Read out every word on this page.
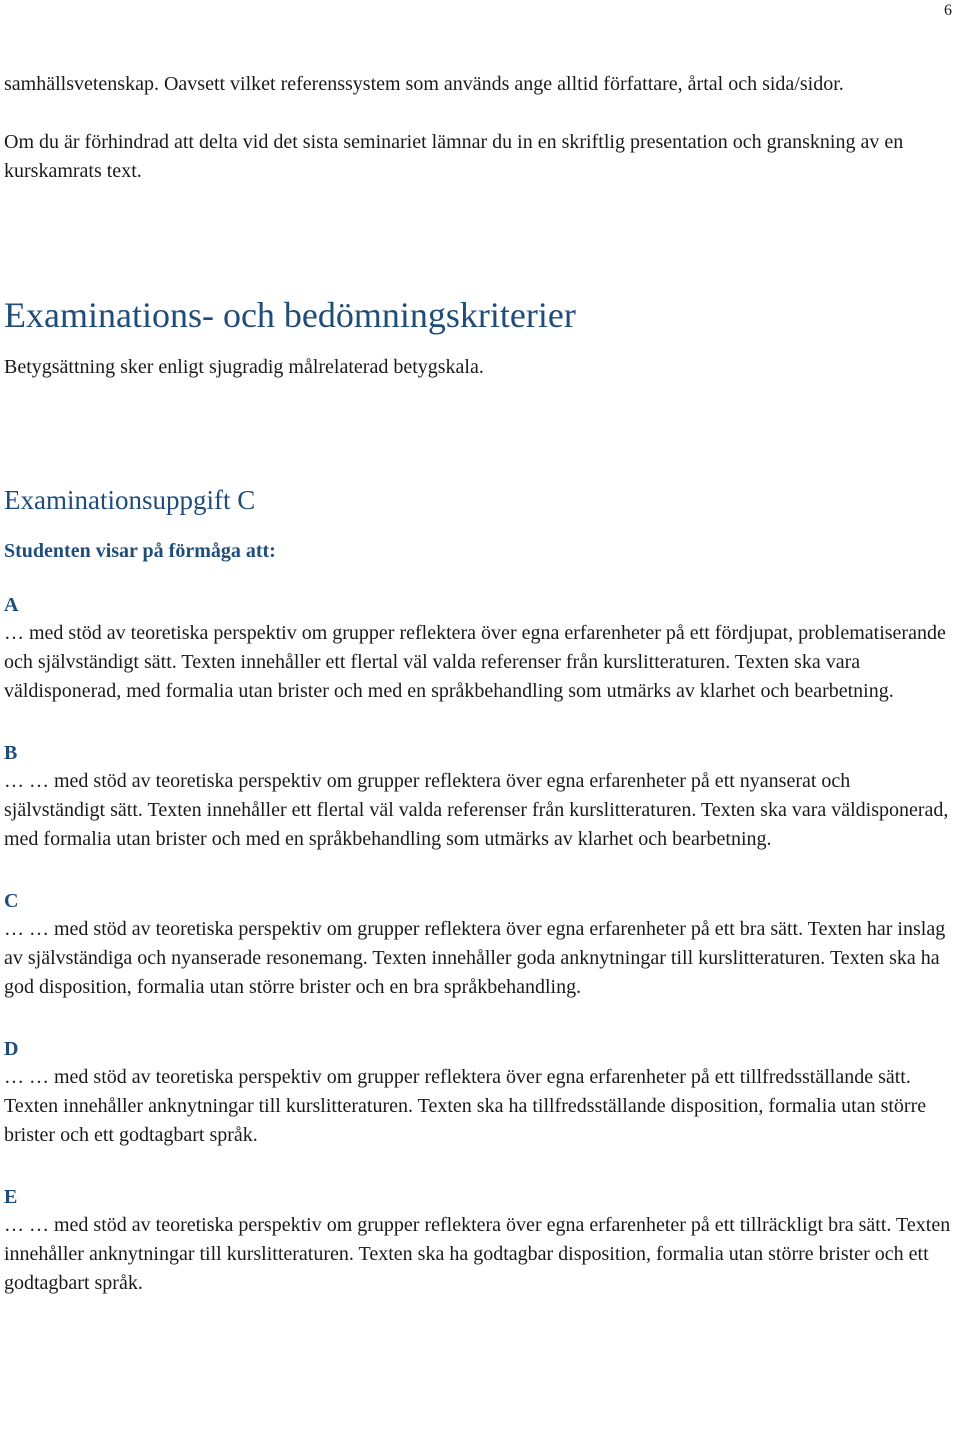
6

samhällsvetenskap. Oavsett vilket referenssystem som används ange alltid författare, årtal och sida/sidor.

Om du är förhindrad att delta vid det sista seminariet lämnar du in en skriftlig presentation och granskning av en kurskamrats text.

Examinations- och bedömningskriterier

Betygsättning sker enligt sjugradig målrelaterad betygskala.

Examinationsuppgift C

Studenten visar på förmåga att:

A

… med stöd av teoretiska perspektiv om grupper reflektera över egna erfarenheter på ett fördjupat, problematiserande och självständigt sätt. Texten innehåller ett flertal väl valda referenser från kurslitteraturen. Texten ska vara väldisponerad, med formalia utan brister och med en språkbehandling som utmärks av klarhet och bearbetning.

B

… … med stöd av teoretiska perspektiv om grupper reflektera över egna erfarenheter på ett nyanserat och självständigt sätt. Texten innehåller ett flertal väl valda referenser från kurslitteraturen. Texten ska vara väldisponerad, med formalia utan brister och med en språkbehandling som utmärks av klarhet och bearbetning.

C

… … med stöd av teoretiska perspektiv om grupper reflektera över egna erfarenheter på ett bra sätt. Texten har inslag av självständiga och nyanserade resonemang. Texten innehåller goda anknytningar till kurslitteraturen. Texten ska ha god disposition, formalia utan större brister och en bra språkbehandling.

D

… … med stöd av teoretiska perspektiv om grupper reflektera över egna erfarenheter på ett tillfredsställande sätt. Texten innehåller anknytningar till kurslitteraturen. Texten ska ha tillfredsställande disposition, formalia utan större brister och ett godtagbart språk.

E

… … med stöd av teoretiska perspektiv om grupper reflektera över egna erfarenheter på ett tillräckligt bra sätt. Texten innehåller anknytningar till kurslitteraturen. Texten ska ha godtagbar disposition, formalia utan större brister och ett godtagbart språk.
